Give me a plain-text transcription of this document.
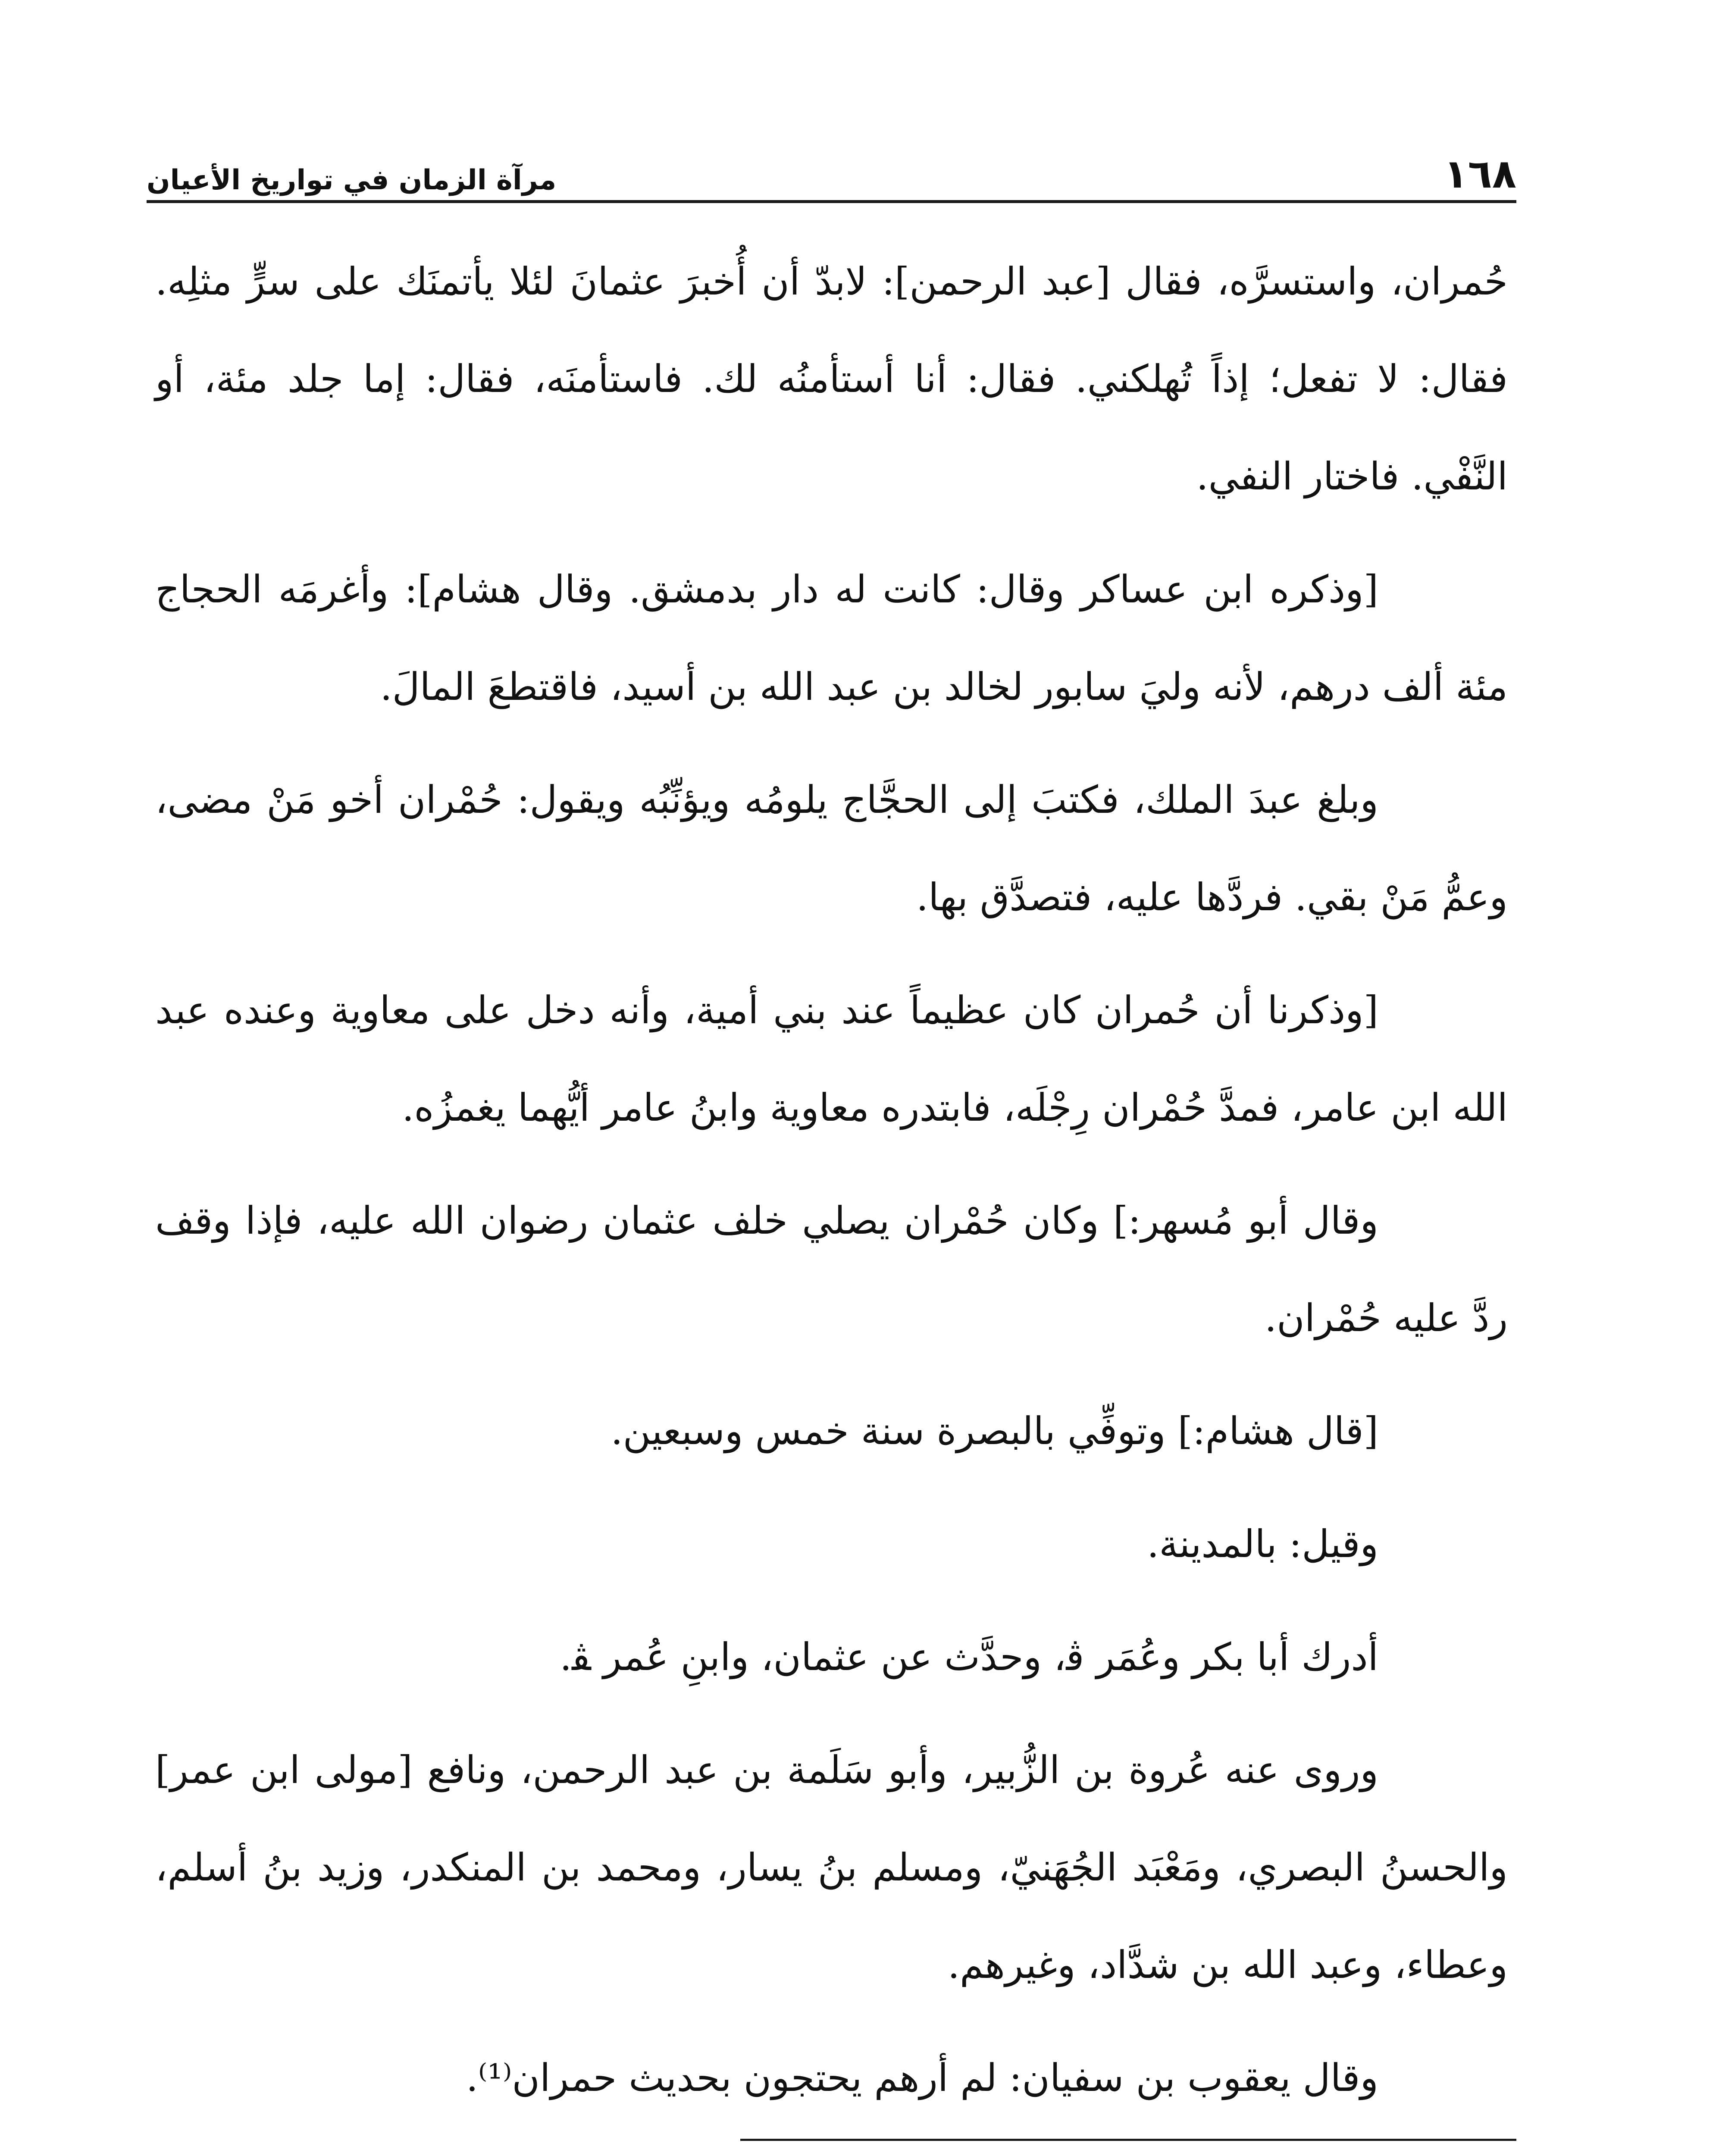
١٦٨
مرآة الزمان في تواريخ الأعيان

حُمران، واستسرَّه، فقال [عبد الرحمن]: لابدّ أن أُخبرَ عثمانَ لئلا يأتمنَك على سرٍّ مثلِه. فقال: لا تفعل؛ إذاً تُهلكني. فقال: أنا أستأمنُه لك. فاستأمنَه، فقال: إما جلد مئة، أو النَّفْي. فاختار النفي.

[وذكره ابن عساكر وقال: كانت له دار بدمشق. وقال هشام]: وأغرمَه الحجاج مئة ألف درهم، لأنه وليَ سابور لخالد بن عبد الله بن أسيد، فاقتطعَ المالَ.

وبلغ عبدَ الملك، فكتبَ إلى الحجَّاج يلومُه ويؤنِّبُه ويقول: حُمْران أخو مَنْ مضى، وعمُّ مَنْ بقي. فردَّها عليه، فتصدَّق بها.

[وذكرنا أن حُمران كان عظيماً عند بني أمية، وأنه دخل على معاوية وعنده عبد الله ابن عامر، فمدَّ حُمْران رِجْلَه، فابتدره معاوية وابنُ عامر أيُّهما يغمزُه.

وقال أبو مُسهر:] وكان حُمْران يصلي خلف عثمان رضوان الله عليه، فإذا وقف ردَّ عليه حُمْران.

[قال هشام:] وتوفِّي بالبصرة سنة خمس وسبعين.

وقيل: بالمدينة.

أدرك أبا بكر وعُمَر ﭬ، وحدَّث عن عثمان، وابنِ عُمر ﭭ.

وروى عنه عُروة بن الزُّبير، وأبو سَلَمة بن عبد الرحمن، ونافع [مولى ابن عمر] والحسنُ البصري، ومَعْبَد الجُهَنيّ، ومسلم بنُ يسار، ومحمد بن المنكدر، وزيد بنُ أسلم، وعطاء، وعبد الله بن شدَّاد، وغيرهم.

وقال يعقوب بن سفيان: لم أرهم يحتجون بحديث حمران⁽¹⁾.
